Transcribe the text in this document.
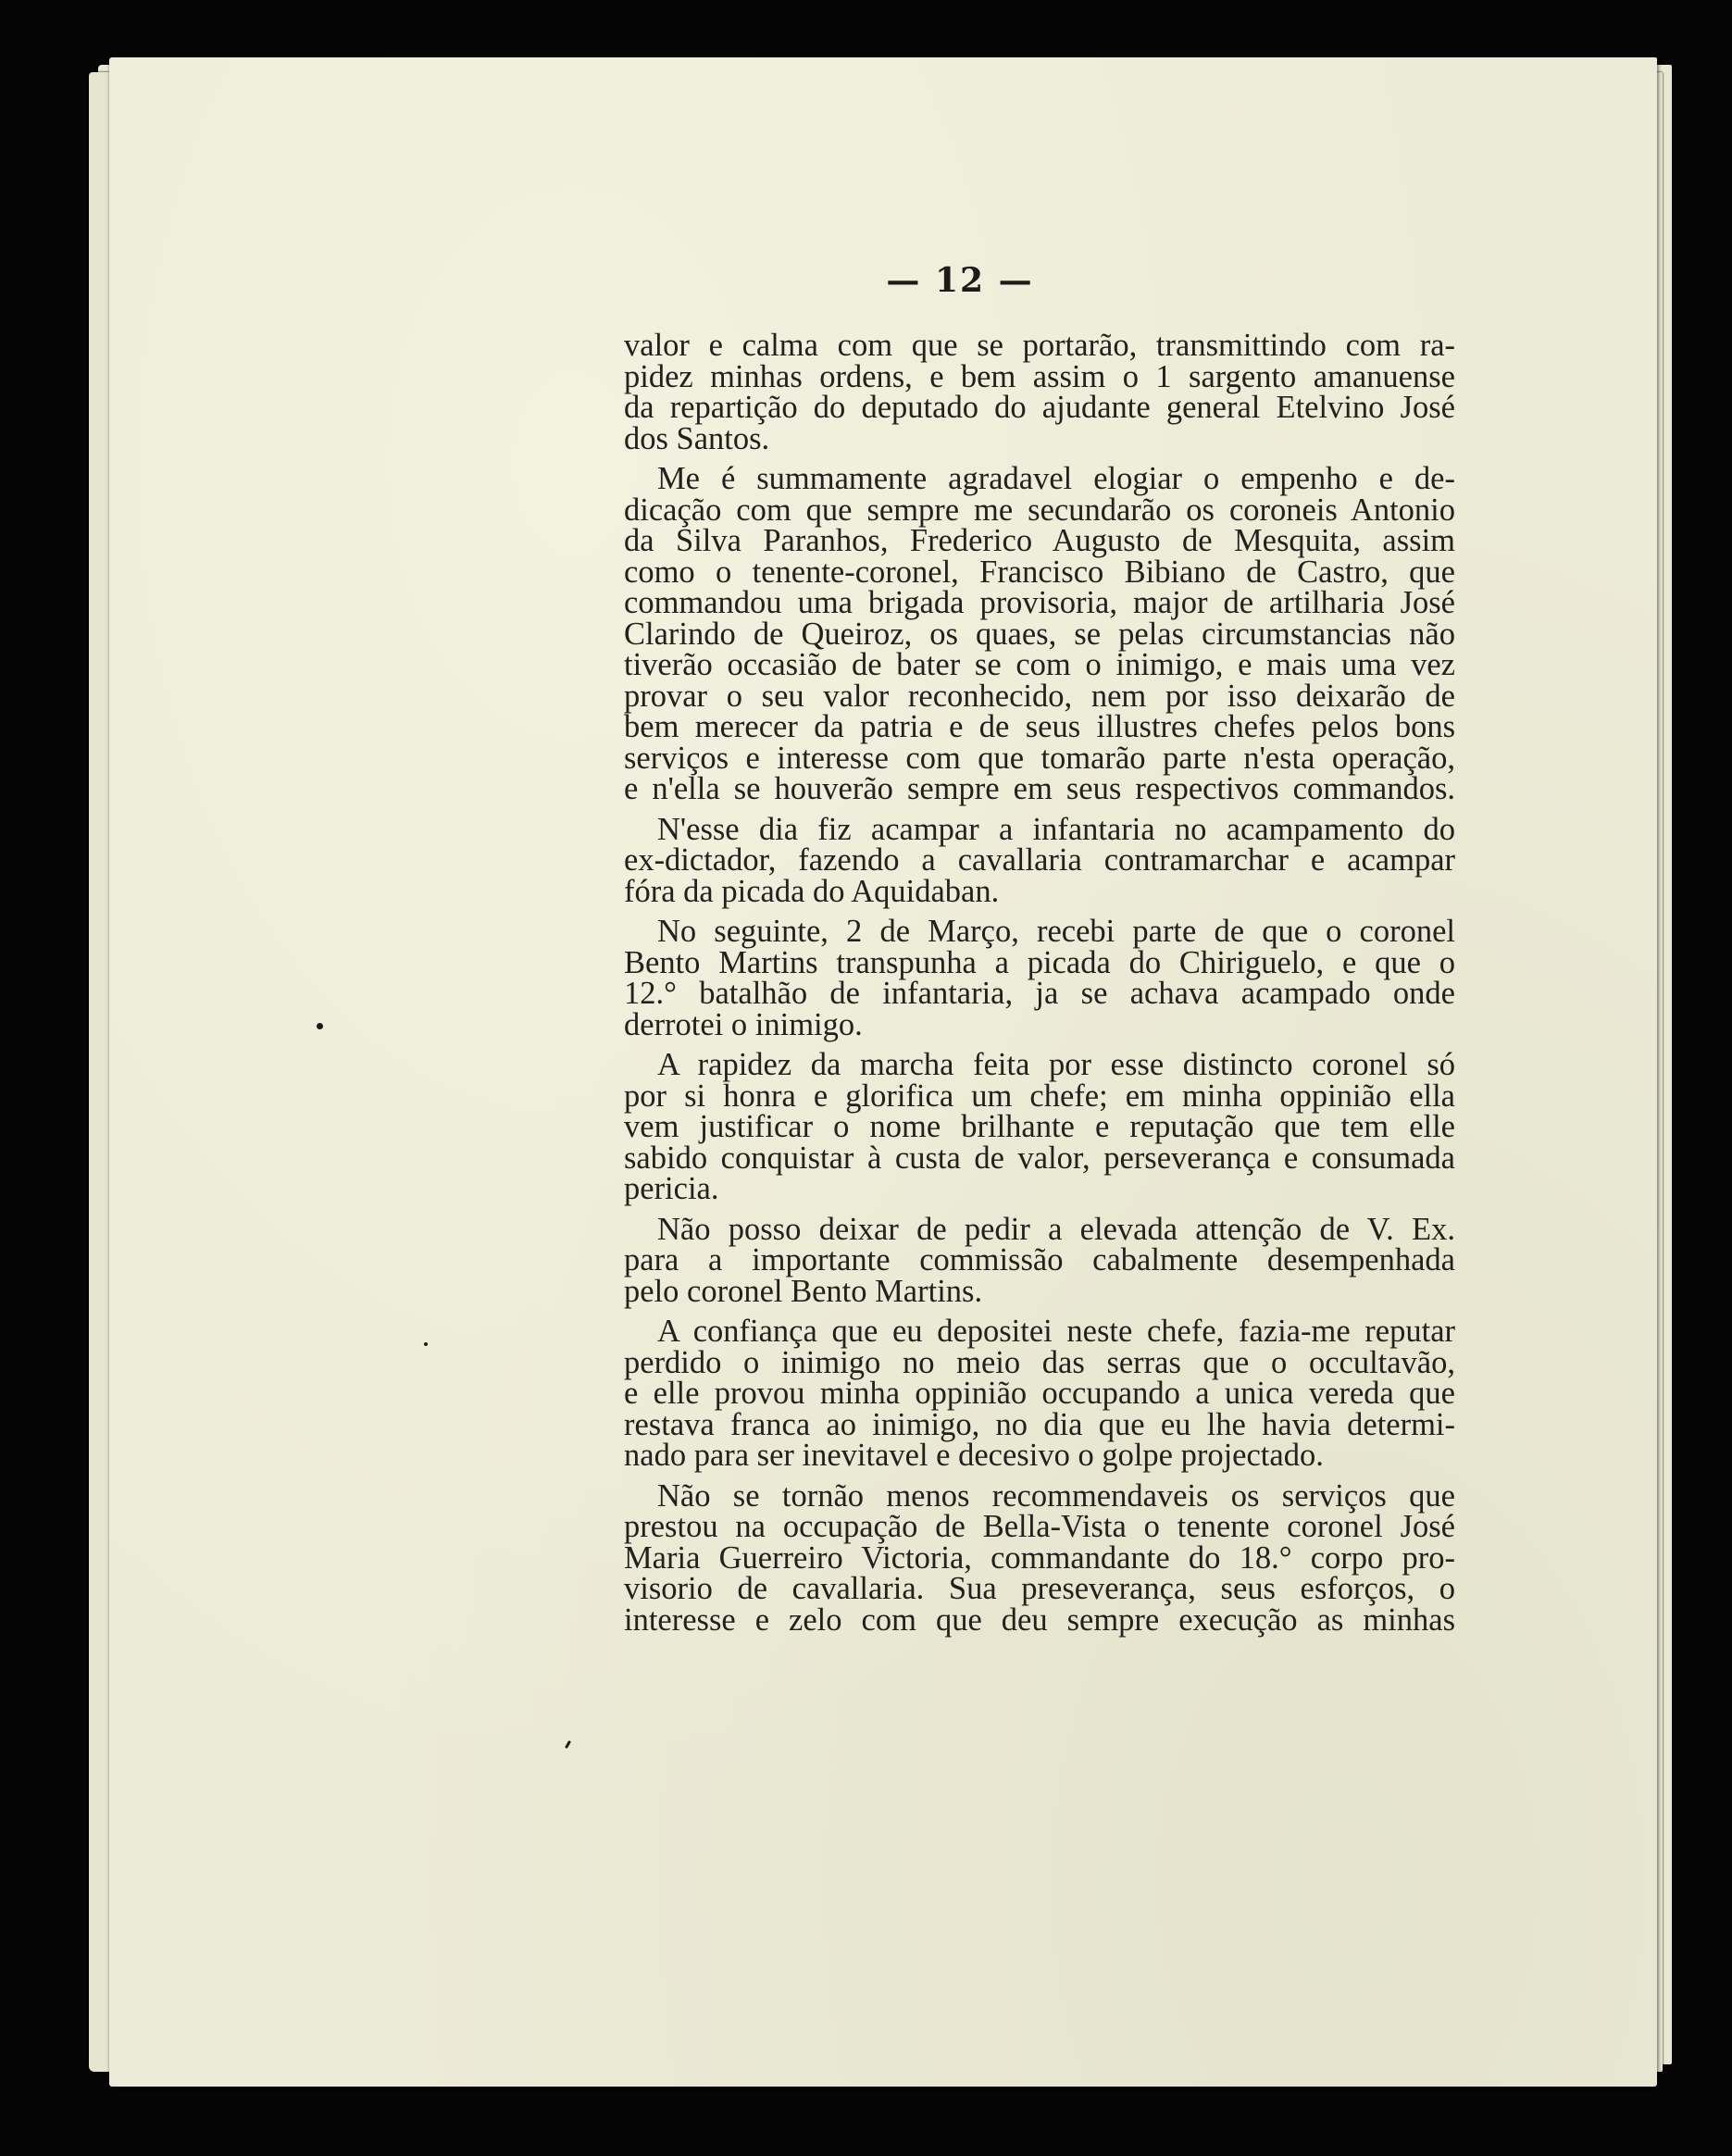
— 12 —
valor e calma com que se portarão, transmittindo com ra-
pidez minhas ordens, e bem assim o 1 sargento amanuense
da repartição do deputado do ajudante general Etelvino José
dos Santos.
Me é summamente agradavel elogiar o empenho e de-
dicação com que sempre me secundarão os coroneis Antonio
da Silva Paranhos, Frederico Augusto de Mesquita, assim
como o tenente-coronel, Francisco Bibiano de Castro, que
commandou uma brigada provisoria, major de artilharia José
Clarindo de Queiroz, os quaes, se pelas circumstancias não
tiverão occasião de bater se com o inimigo, e mais uma vez
provar o seu valor reconhecido, nem por isso deixarão de
bem merecer da patria e de seus illustres chefes pelos bons
serviços e interesse com que tomarão parte n'esta operação,
e n'ella se houverão sempre em seus respectivos commandos.
N'esse dia fiz acampar a infantaria no acampamento do
ex-dictador, fazendo a cavallaria contramarchar e acampar
fóra da picada do Aquidaban.
No seguinte, 2 de Março, recebi parte de que o coronel
Bento Martins transpunha a picada do Chiriguelo, e que o
12.° batalhão de infantaria, ja se achava acampado onde
derrotei o inimigo.
A rapidez da marcha feita por esse distincto coronel só
por si honra e glorifica um chefe; em minha oppinião ella
vem justificar o nome brilhante e reputação que tem elle
sabido conquistar à custa de valor, perseverança e consumada
pericia.
Não posso deixar de pedir a elevada attenção de V. Ex.
para a importante commissão cabalmente desempenhada
pelo coronel Bento Martins.
A confiança que eu depositei neste chefe, fazia-me reputar
perdido o inimigo no meio das serras que o occultavão,
e elle provou minha oppinião occupando a unica vereda que
restava franca ao inimigo, no dia que eu lhe havia determi-
nado para ser inevitavel e decesivo o golpe projectado.
Não se tornão menos recommendaveis os serviços que
prestou na occupação de Bella-Vista o tenente coronel José
Maria Guerreiro Victoria, commandante do 18.° corpo pro-
visorio de cavallaria. Sua preseverança, seus esforços, o
interesse e zelo com que deu sempre execução as minhas
